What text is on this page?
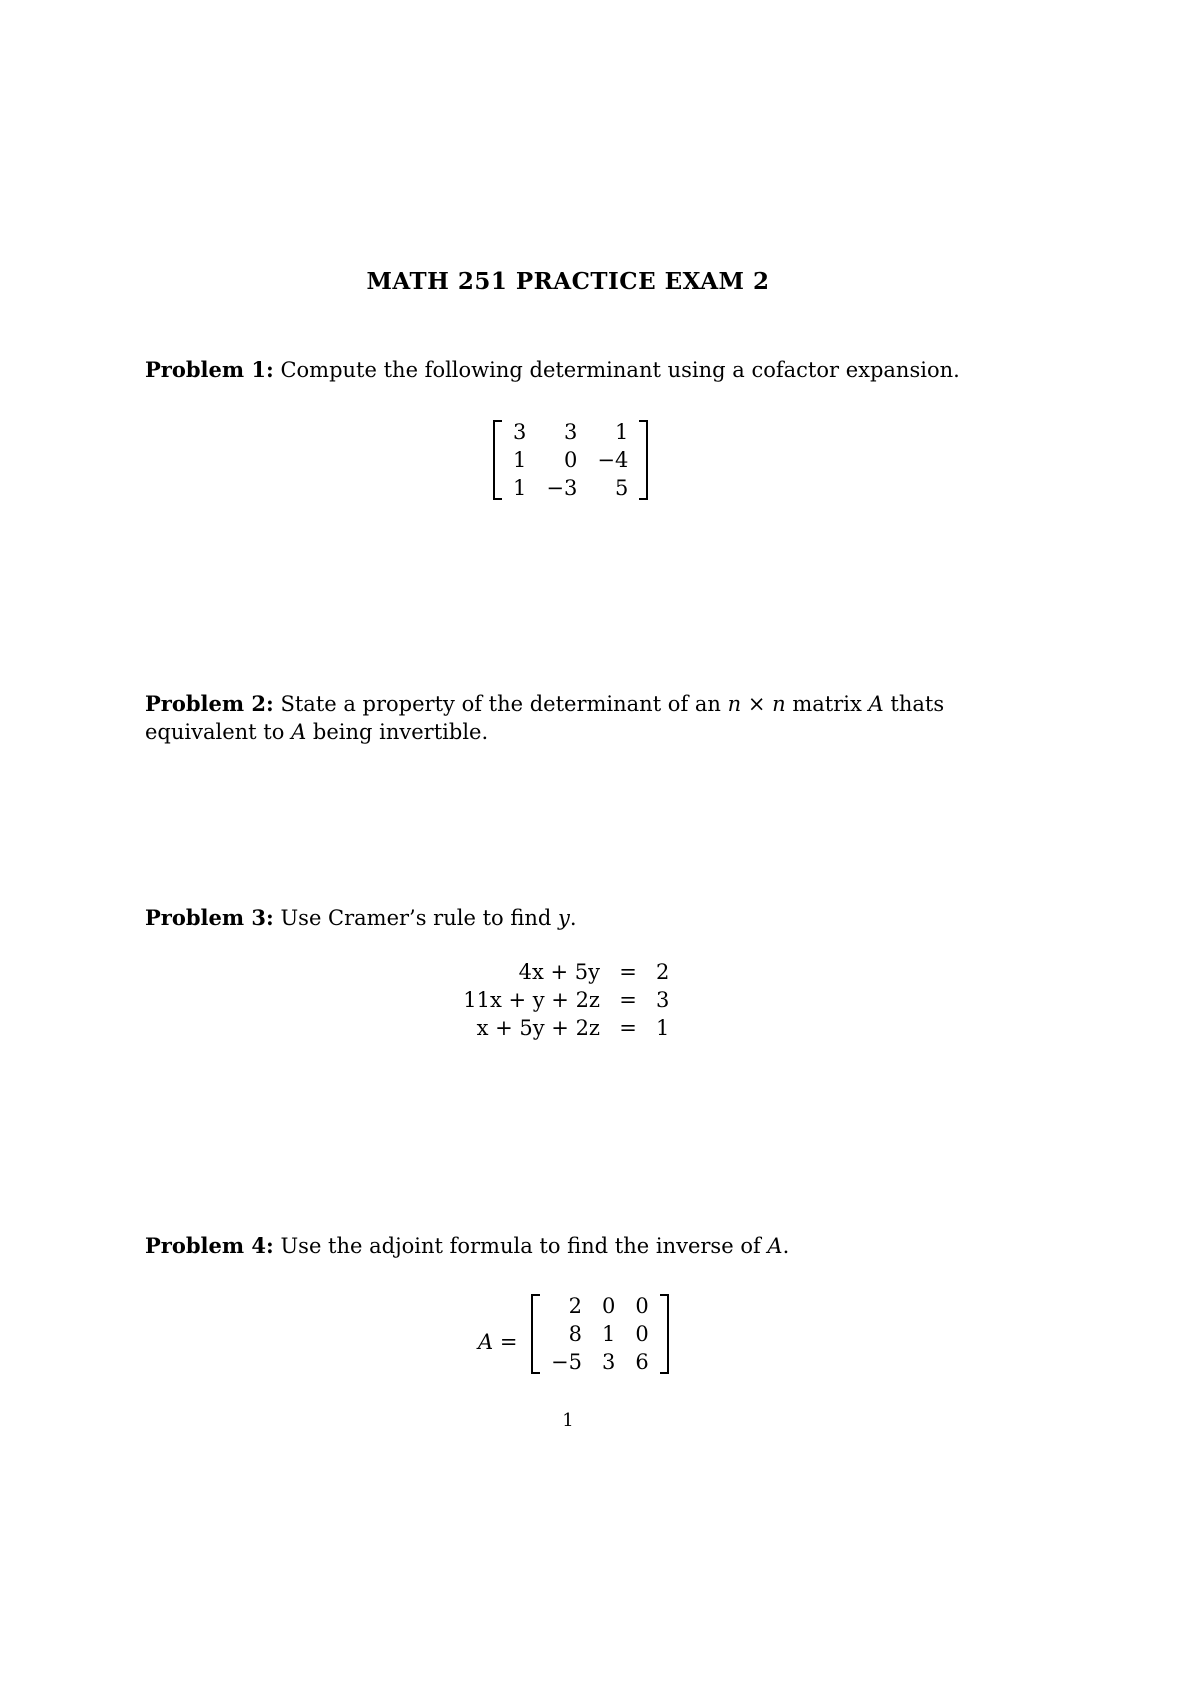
MATH 251 PRACTICE EXAM 2
Problem 1: Compute the following determinant using a cofactor expansion.
3	3	1
1	0	−4
1	−3	5
Problem 2: State a property of the determinant of an n × n matrix A thats
equivalent to A being invertible.
Problem 3: Use Cramer’s rule to find y.
4x + 5y	=	2
11x + y + 2z	=	3
x + 5y + 2z	=	1
Problem 4: Use the adjoint formula to find the inverse of A.
A =
2	0	0
8	1	0
−5	3	6
1
